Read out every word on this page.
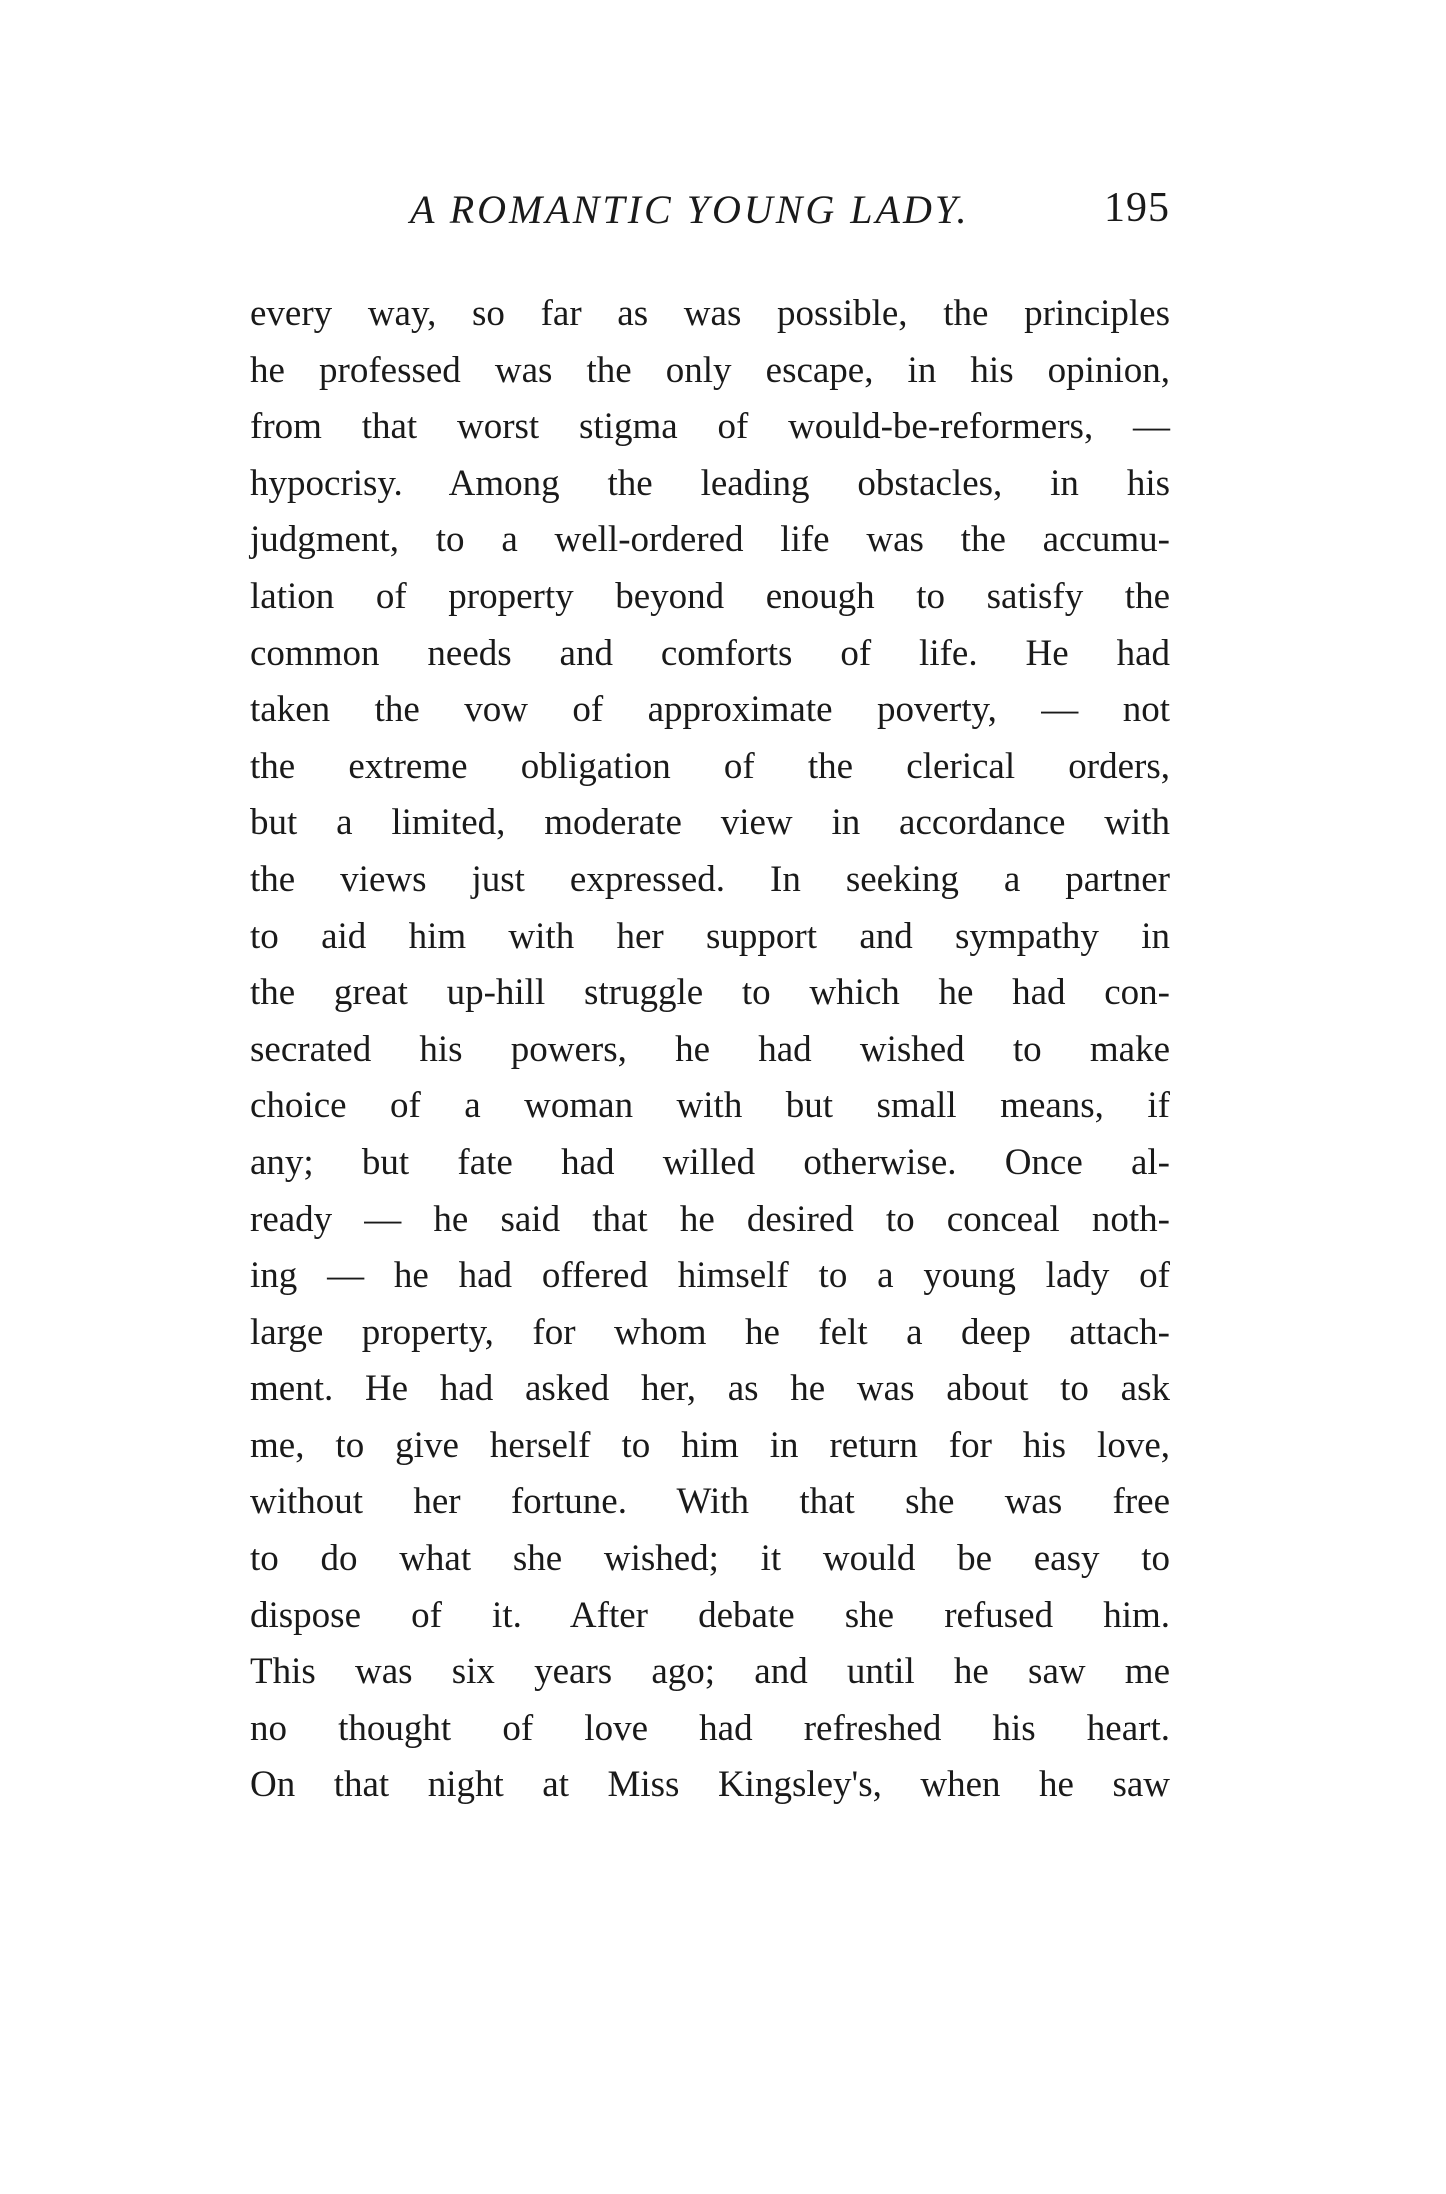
A ROMANTIC YOUNG LADY.	195
every way, so far as was possible, the principles
he professed was the only escape, in his opinion,
from that worst stigma of would-be-reformers, —
hypocrisy. Among the leading obstacles, in his
judgment, to a well-ordered life was the accumu-
lation of property beyond enough to satisfy the
common needs and comforts of life. He had
taken the vow of approximate poverty, — not
the extreme obligation of the clerical orders,
but a limited, moderate view in accordance with
the views just expressed. In seeking a partner
to aid him with her support and sympathy in
the great up-hill struggle to which he had con-
secrated his powers, he had wished to make
choice of a woman with but small means, if
any; but fate had willed otherwise. Once al-
ready — he said that he desired to conceal noth-
ing — he had offered himself to a young lady of
large property, for whom he felt a deep attach-
ment. He had asked her, as he was about to ask
me, to give herself to him in return for his love,
without her fortune. With that she was free
to do what she wished; it would be easy to
dispose of it. After debate she refused him.
This was six years ago; and until he saw me
no thought of love had refreshed his heart.
On that night at Miss Kingsley's, when he saw
